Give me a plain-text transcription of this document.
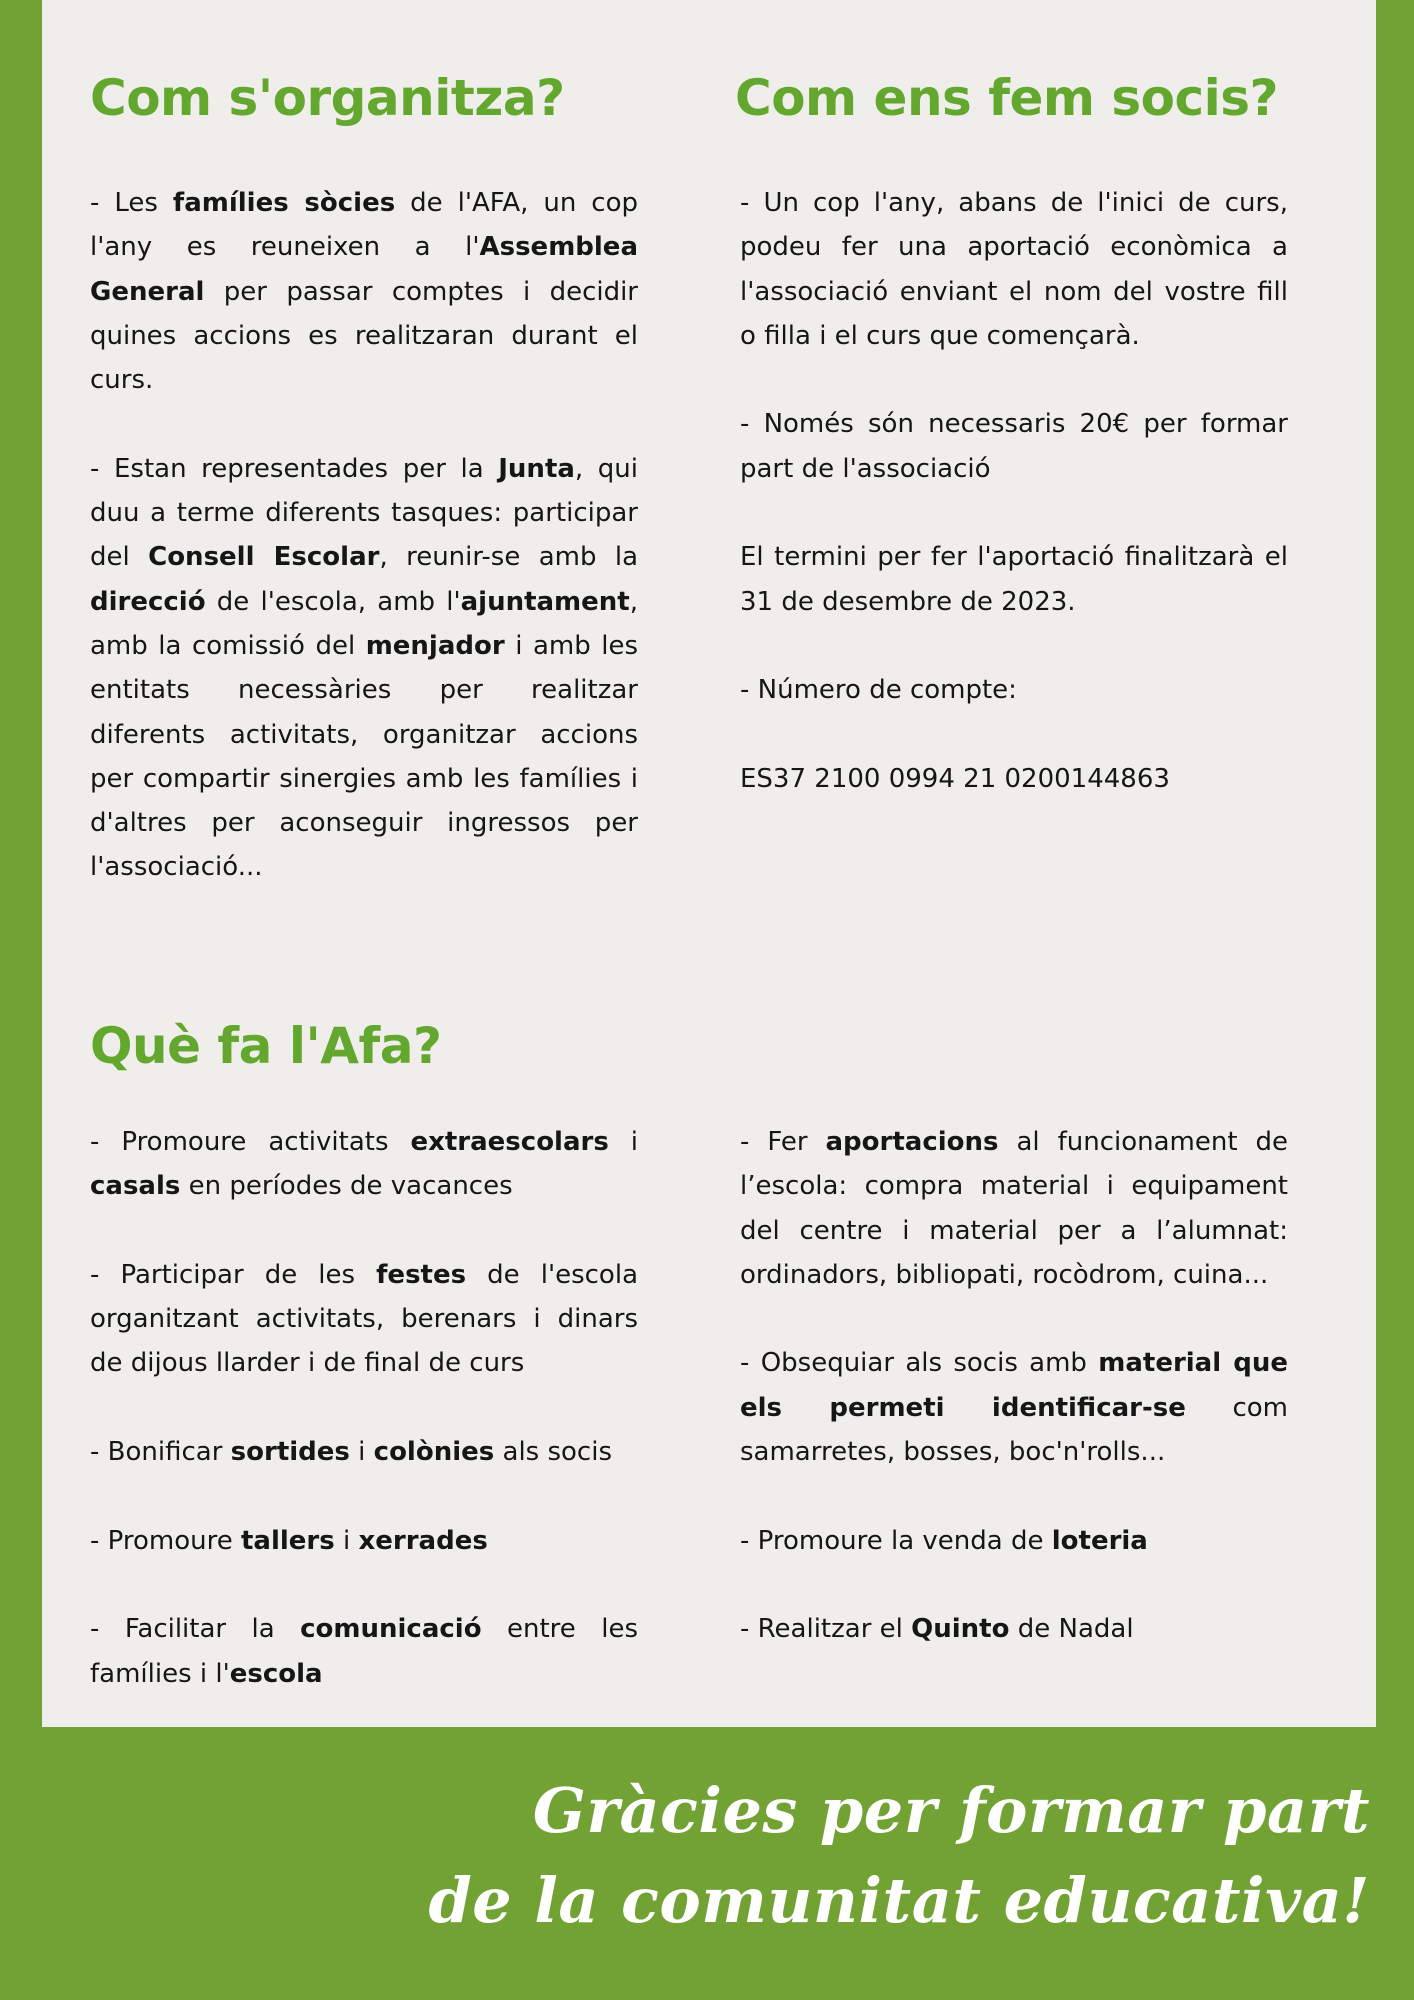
Com s'organitza?

- Les famílies sòcies de l'AFA, un cop l'any es reuneixen a l'Assemblea General per passar comptes i decidir quines accions es realitzaran durant el curs.

- Estan representades per la Junta, qui duu a terme diferents tasques: participar del Consell Escolar, reunir-se amb la direcció de l'escola, amb l'ajuntament, amb la comissió del menjador i amb les entitats necessàries per realitzar diferents activitats, organitzar accions per compartir sinergies amb les famílies i d'altres per aconseguir ingressos per l'associació...

Com ens fem socis?

- Un cop l'any, abans de l'inici de curs, podeu fer una aportació econòmica a l'associació enviant el nom del vostre fill o filla i el curs que començarà.

- Només són necessaris 20€ per formar part de l'associació

El termini per fer l'aportació finalitzarà el 31 de desembre de 2023.

- Número de compte:

ES37 2100 0994 21 0200144863

Què fa l'Afa?

- Promoure activitats extraescolars i casals en períodes de vacances

- Participar de les festes de l'escola organitzant activitats, berenars i dinars de dijous llarder i de final de curs

- Bonificar sortides i colònies als socis

- Promoure tallers i xerrades

- Facilitar la comunicació entre les famílies i l'escola

- Fer aportacions al funcionament de l’escola: compra material i equipament del centre i material per a l’alumnat: ordinadors, bibliopati, rocòdrom, cuina...

- Obsequiar als socis amb material que els permeti identificar-se com samarretes, bosses, boc'n'rolls...

- Promoure la venda de loteria

- Realitzar el Quinto de Nadal

Gràcies per formar part
de la comunitat educativa!
